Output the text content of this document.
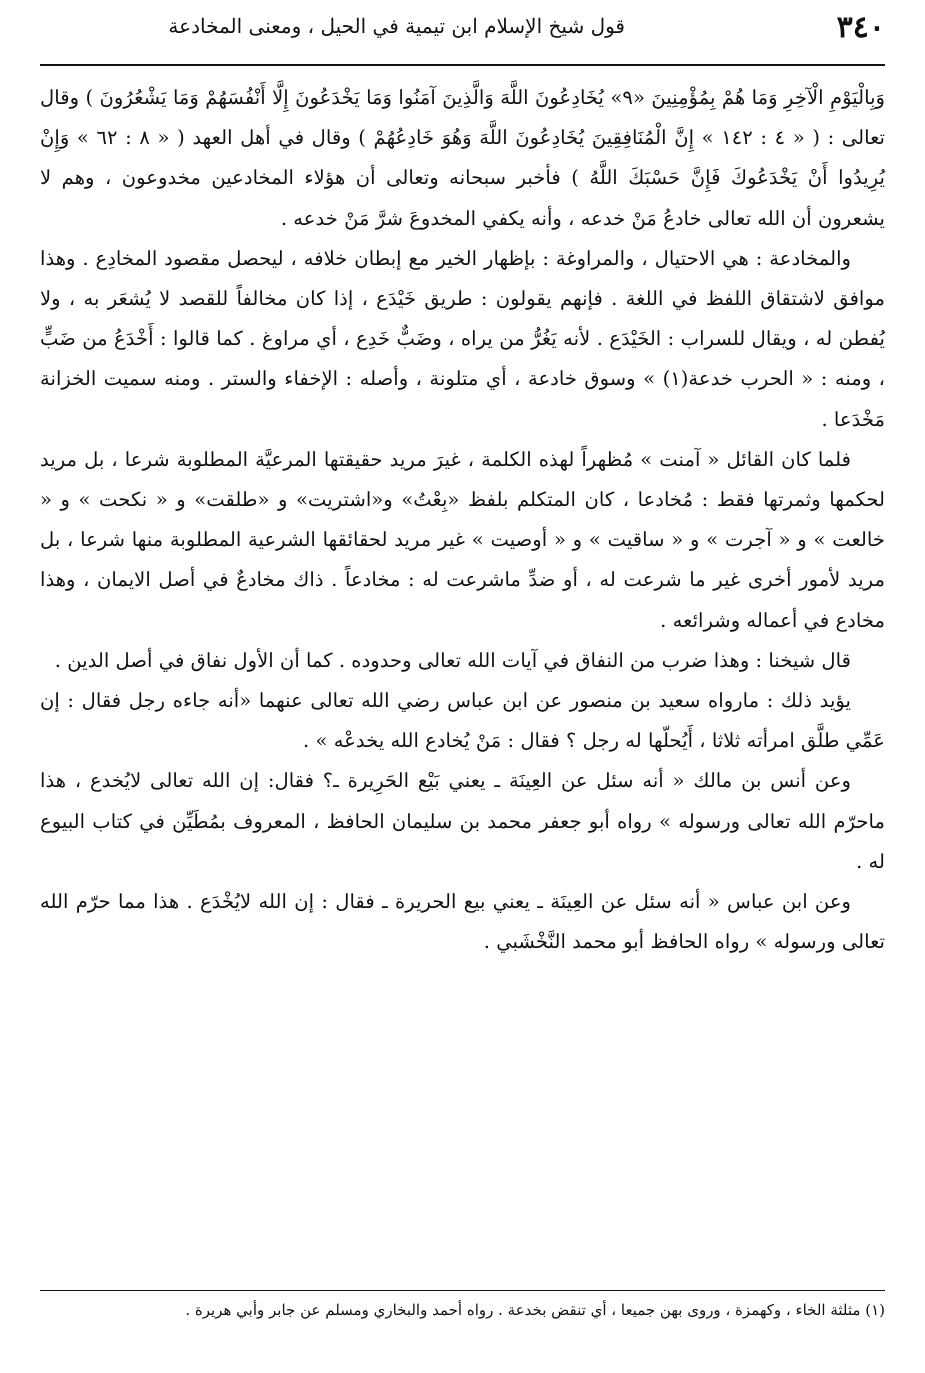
٣٤٠
قول شيخ الإسلام ابن تيمية في الحيل ، ومعنى المخادعة

وَبِالْيَوْمِ الْآخِرِ وَمَا هُمْ بِمُؤْمِنِينَ «٩» يُخَادِعُونَ اللَّهَ وَالَّذِينَ آمَنُوا وَمَا يَخْدَعُونَ إِلَّا أَنْفُسَهُمْ وَمَا يَشْعُرُونَ ) وقال تعالى : ( « ٤ : ١٤٢ » إِنَّ الْمُنَافِقِينَ يُخَادِعُونَ اللَّهَ وَهُوَ خَادِعُهُمْ ) وقال في أهل العهد ( « ٨ : ٦٢ » وَإِنْ يُرِيدُوا أَنْ يَخْدَعُوكَ فَإِنَّ حَسْبَكَ اللَّهُ ) فأخبر سبحانه وتعالى أن هؤلاء المخادعين مخدوعون ، وهم لا يشعرون أن الله تعالى خادعُ مَنْ خدعه ، وأنه يكفي المخدوعَ شرَّ مَنْ خدعه .

والمخادعة : هي الاحتيال ، والمراوغة : بإظهار الخير مع إبطان خلافه ، ليحصل مقصود المخادِع . وهذا موافق لاشتقاق اللفظ في اللغة . فإنهم يقولون : طريق خَيْدَع ، إذا كان مخالفاً للقصد لا يُشعَر به ، ولا يُفطن له ، ويقال للسراب : الخَيْدَع . لأنه يَغُرُّ من يراه ، وضَبٌّ خَدِع ، أي مراوغ . كما قالوا : أَخْدَعُ من ضَبٍّ ، ومنه : « الحرب خدعة(١) » وسوق خادعة ، أي متلونة ، وأصله : الإخفاء والستر . ومنه سميت الخزانة مَخْدَعا .

فلما كان القائل « آمنت » مُظهراً لهذه الكلمة ، غيرَ مريد حقيقتها المرعيَّة المطلوبة شرعا ، بل مريد لحكمها وثمرتها فقط : مُخادعا ، كان المتكلم بلفظ «بِعْتُ» و«اشتريت» و «طلقت» و « نكحت » و « خالعت » و « آجرت » و « ساقيت » و « أوصيت » غير مريد لحقائقها الشرعية المطلوبة منها شرعا ، بل مريد لأمور أخرى غير ما شرعت له ، أو ضدِّ ماشرعت له : مخادعاً . ذاك مخادعٌ في أصل الايمان ، وهذا مخادع في أعماله وشرائعه .

قال شيخنا : وهذا ضرب من النفاق في آيات الله تعالى وحدوده . كما أن الأول نفاق في أصل الدين .

يؤيد ذلك : مارواه سعيد بن منصور عن ابن عباس رضي الله تعالى عنهما «أنه جاءه رجل فقال : إن عَمِّي طلَّق امرأته ثلاثا ، أَيُحلّها له رجل ؟ فقال : مَنْ يُخادع الله يخدعْه » .

وعن أنس بن مالك « أنه سئل عن العِينَة ـ يعني بَيْع الحَرِيرة ـ؟ فقال: إن الله تعالى لايُخدع ، هذا ماحرّم الله تعالى ورسوله » رواه أبو جعفر محمد بن سليمان الحافظ ، المعروف بمُطَيِّن في كتاب البيوع له .

وعن ابن عباس « أنه سئل عن العِينَة ـ يعني بيع الحريرة ـ فقال : إن الله لايُخْدَع . هذا مما حرّم الله تعالى ورسوله » رواه الحافظ أبو محمد النَّخْشَبي .

(١) مثلثة الخاء ، وكهمزة ، وروى بهن جميعا ، أي تنقض بخدعة . رواه أحمد والبخاري ومسلم عن جابر وأبي هريرة .
